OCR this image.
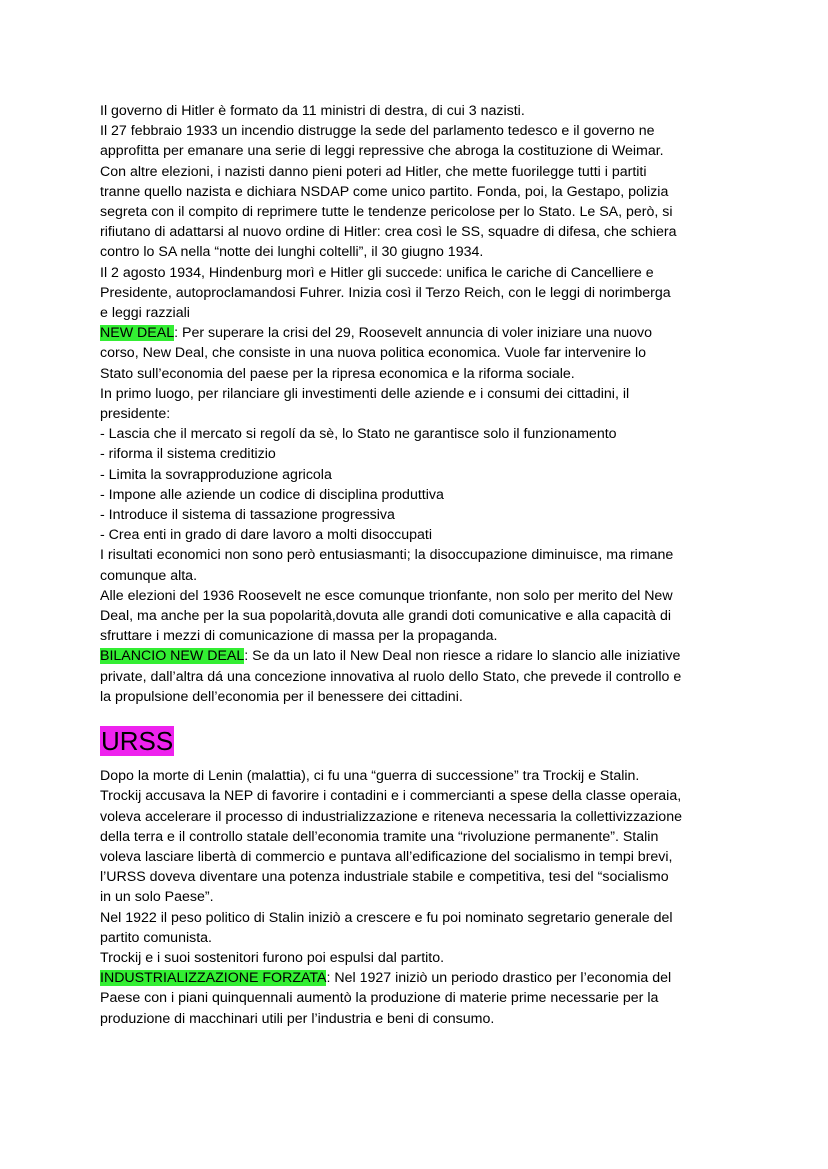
Il governo di Hitler è formato da 11 ministri di destra, di cui 3 nazisti.

Il 27 febbraio 1933 un incendio distrugge la sede del parlamento tedesco e il governo ne

approfitta per emanare una serie di leggi repressive che abroga la costituzione di Weimar.

Con altre elezioni, i nazisti danno pieni poteri ad Hitler, che mette fuorilegge tutti i partiti

tranne quello nazista e dichiara NSDAP come unico partito. Fonda, poi, la Gestapo, polizia

segreta con il compito di reprimere tutte le tendenze pericolose per lo Stato. Le SA, però, si

rifiutano di adattarsi al nuovo ordine di Hitler: crea così le SS, squadre di difesa, che schiera

contro lo SA nella “notte dei lunghi coltelli”, il 30 giugno 1934.

Il 2 agosto 1934, Hindenburg morì e Hitler gli succede: unifica le cariche di Cancelliere e

Presidente, autoproclamandosi Fuhrer. Inizia così il Terzo Reich, con le leggi di norimberga

e leggi razziali

NEW DEAL: Per superare la crisi del 29, Roosevelt annuncia di voler iniziare una nuovo

corso, New Deal, che consiste in una nuova politica economica. Vuole far intervenire lo

Stato sull’economia del paese per la ripresa economica e la riforma sociale.

In primo luogo, per rilanciare gli investimenti delle aziende e i consumi dei cittadini, il

presidente:

- Lascia che il mercato si regolí da sè, lo Stato ne garantisce solo il funzionamento

- riforma il sistema creditizio

- Limita la sovrapproduzione agricola

- Impone alle aziende un codice di disciplina produttiva

- Introduce il sistema di tassazione progressiva

- Crea enti in grado di dare lavoro a molti disoccupati

I risultati economici non sono però entusiasmanti; la disoccupazione diminuisce, ma rimane

comunque alta.

Alle elezioni del 1936 Roosevelt ne esce comunque trionfante, non solo per merito del New

Deal, ma anche per la sua popolarità,dovuta alle grandi doti comunicative e alla capacità di

sfruttare i mezzi di comunicazione di massa per la propaganda.

BILANCIO NEW DEAL: Se da un lato il New Deal non riesce a ridare lo slancio alle iniziative

private, dall’altra dá una concezione innovativa al ruolo dello Stato, che prevede il controllo e

la propulsione dell’economia per il benessere dei cittadini.

URSS

Dopo la morte di Lenin (malattia), ci fu una “guerra di successione” tra Trockij e Stalin.

Trockij accusava la NEP di favorire i contadini e i commercianti a spese della classe operaia,

voleva accelerare il processo di industrializzazione e riteneva necessaria la collettivizzazione

della terra e il controllo statale dell’economia tramite una “rivoluzione permanente”. Stalin

voleva lasciare libertà di commercio e puntava all’edificazione del socialismo in tempi brevi,

l’URSS doveva diventare una potenza industriale stabile e competitiva, tesi del “socialismo

in un solo Paese”.

Nel 1922 il peso politico di Stalin iniziò a crescere e fu poi nominato segretario generale del

partito comunista.

Trockij e i suoi sostenitori furono poi espulsi dal partito.

INDUSTRIALIZZAZIONE FORZATA: Nel 1927 iniziò un periodo drastico per l’economia del

Paese con i piani quinquennali aumentò la produzione di materie prime necessarie per la

produzione di macchinari utili per l’industria e beni di consumo.
